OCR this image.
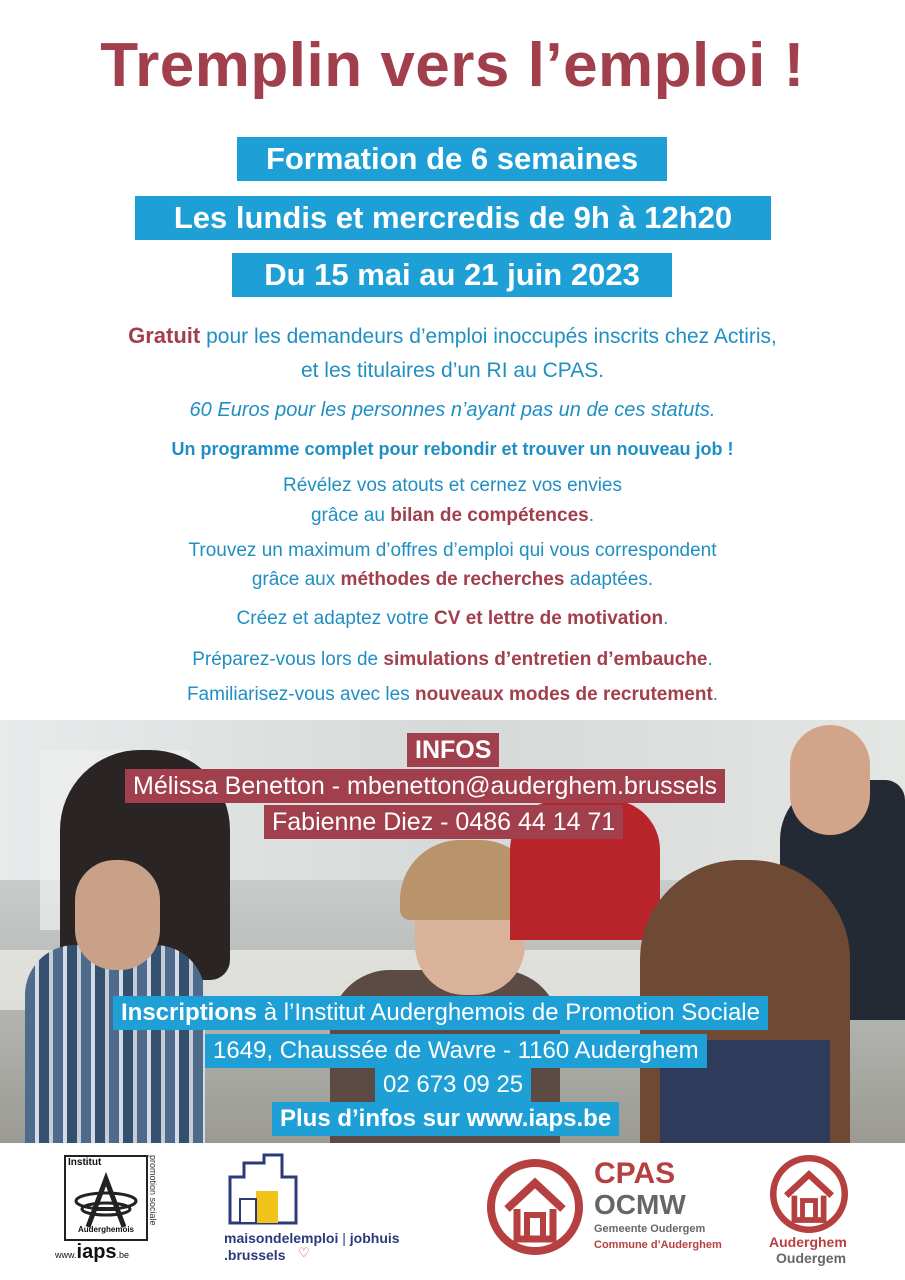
Tremplin vers l’emploi !
Formation de 6 semaines
Les lundis et mercredis de 9h à 12h20
Du 15 mai au 21 juin 2023
Gratuit pour les demandeurs d’emploi inoccupés inscrits chez Actiris,
et les titulaires d’un RI au CPAS.
60 Euros pour les personnes n’ayant pas un de ces statuts.
Un programme complet pour rebondir et trouver un nouveau job !
Révélez vos atouts et cernez vos envies
grâce au bilan de compétences.
Trouvez un maximum d’offres d’emploi qui vous correspondent
grâce aux méthodes de recherches adaptées.
Créez et adaptez votre CV et lettre de motivation.
Préparez-vous lors de simulations d’entretien d’embauche.
Familiarisez-vous avec les nouveaux modes de recrutement.
INFOS
Mélissa Benetton - mbenetton@auderghem.brussels
Fabienne Diez - 0486 44 14 71
Inscriptions à l’Institut Auderghemois de Promotion Sociale
1649, Chaussée de Wavre - 1160 Auderghem
02 673 09 25
Plus d’infos sur www.iaps.be
Institut
Auderghemois
promotion sociale
www.iaps.be
maisondelemploi | jobhuis
.brussels ♡
CPAS
OCMW
Gemeente Oudergem
Commune d’Auderghem	Auderghem
Oudergem
